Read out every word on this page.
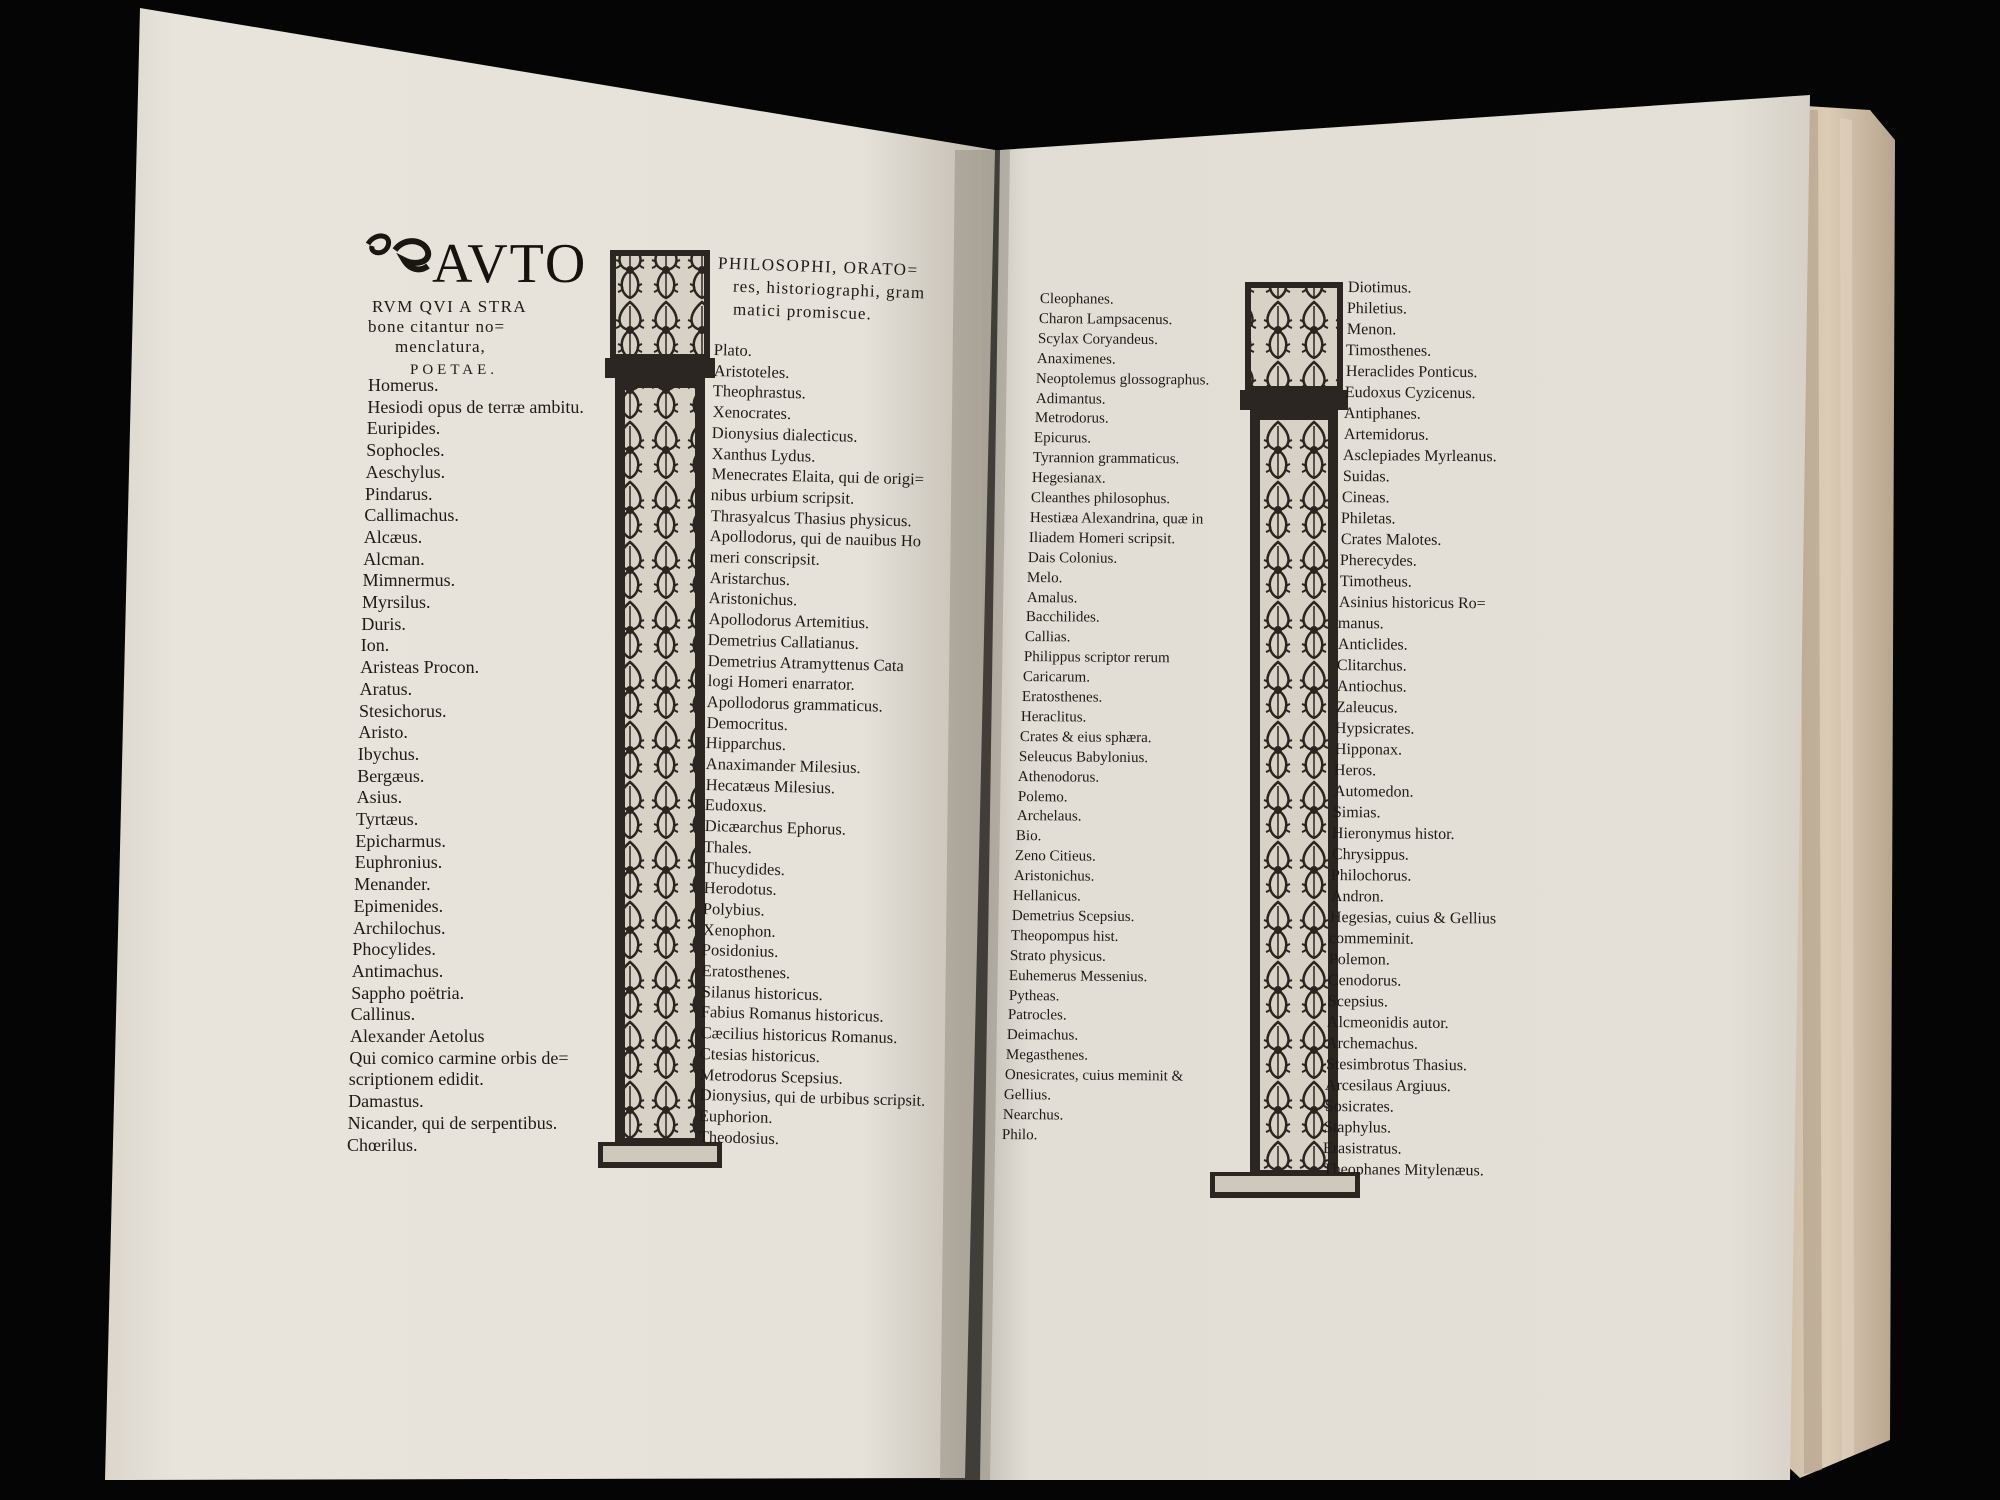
AVTO
RVM QVI A STRA
bone citantur no=
menclatura,
POETAE.
PHILOSOPHI, ORATO=
res, historiographi, gram
matici promiscue.
Homerus.
Hesiodi opus de terræ ambitu.
Euripides.
Sophocles.
Aeschylus.
Pindarus.
Callimachus.
Alcæus.
Alcman.
Mimnermus.
Myrsilus.
Duris.
Ion.
Aristeas Procon.
Aratus.
Stesichorus.
Aristo.
Ibychus.
Bergæus.
Asius.
Tyrtæus.
Epicharmus.
Euphronius.
Menander.
Epimenides.
Archilochus.
Phocylides.
Antimachus.
Sappho poëtria.
Callinus.
Alexander Aetolus
Qui comico carmine orbis de=
scriptionem edidit.
Damastus.
Nicander, qui de serpentibus.
Chœrilus.
Plato.
Aristoteles.
Theophrastus.
Xenocrates.
Dionysius dialecticus.
Xanthus Lydus.
Menecrates Elaita, qui de origi=
nibus urbium scripsit.
Thrasyalcus Thasius physicus.
Apollodorus, qui de nauibus Ho
meri conscripsit.
Aristarchus.
Aristonichus.
Apollodorus Artemitius.
Demetrius Callatianus.
Demetrius Atramyttenus Cata
logi Homeri enarrator.
Apollodorus grammaticus.
Democritus.
Hipparchus.
Anaximander Milesius.
Hecatæus Milesius.
Eudoxus.
Dicæarchus Ephorus.
Thales.
Thucydides.
Herodotus.
Polybius.
Xenophon.
Posidonius.
Eratosthenes.
Silanus historicus.
Fabius Romanus historicus.
Cæcilius historicus Romanus.
Ctesias historicus.
Metrodorus Scepsius.
Dionysius, qui de urbibus scripsit.
Euphorion.
Theodosius.
Cleophanes.
Charon Lampsacenus.
Scylax Coryandeus.
Anaximenes.
Neoptolemus glossographus.
Adimantus.
Metrodorus.
Epicurus.
Tyrannion grammaticus.
Hegesianax.
Cleanthes philosophus.
Hestiæa Alexandrina, quæ in
Iliadem Homeri scripsit.
Dais Colonius.
Melo.
Amalus.
Bacchilides.
Callias.
Philippus scriptor rerum
Caricarum.
Eratosthenes.
Heraclitus.
Crates & eius sphæra.
Seleucus Babylonius.
Athenodorus.
Polemo.
Archelaus.
Bio.
Zeno Citieus.
Aristonichus.
Hellanicus.
Demetrius Scepsius.
Theopompus hist.
Strato physicus.
Euhemerus Messenius.
Pytheas.
Patrocles.
Deimachus.
Megasthenes.
Onesicrates, cuius meminit &
Gellius.
Nearchus.
Philo.
Diotimus.
Philetius.
Menon.
Timosthenes.
Heraclides Ponticus.
Eudoxus Cyzicenus.
Antiphanes.
Artemidorus.
Asclepiades Myrleanus.
Suidas.
Cineas.
Philetas.
Crates Malotes.
Pherecydes.
Timotheus.
Asinius historicus Ro=
manus.
Anticlides.
Clitarchus.
Antiochus.
Zaleucus.
Hypsicrates.
Hipponax.
Heros.
Automedon.
Simias.
Hieronymus histor.
Chrysippus.
Philochorus.
Andron.
Hegesias, cuius & Gellius
commeminit.
Polemon.
Cenodorus.
Scepsius.
Alcmeonidis autor.
Archemachus.
Stesimbrotus Thasius.
Arcesilaus Argiuus.
Sosicrates.
Staphylus.
Erasistratus.
Theophanes Mitylenæus.
